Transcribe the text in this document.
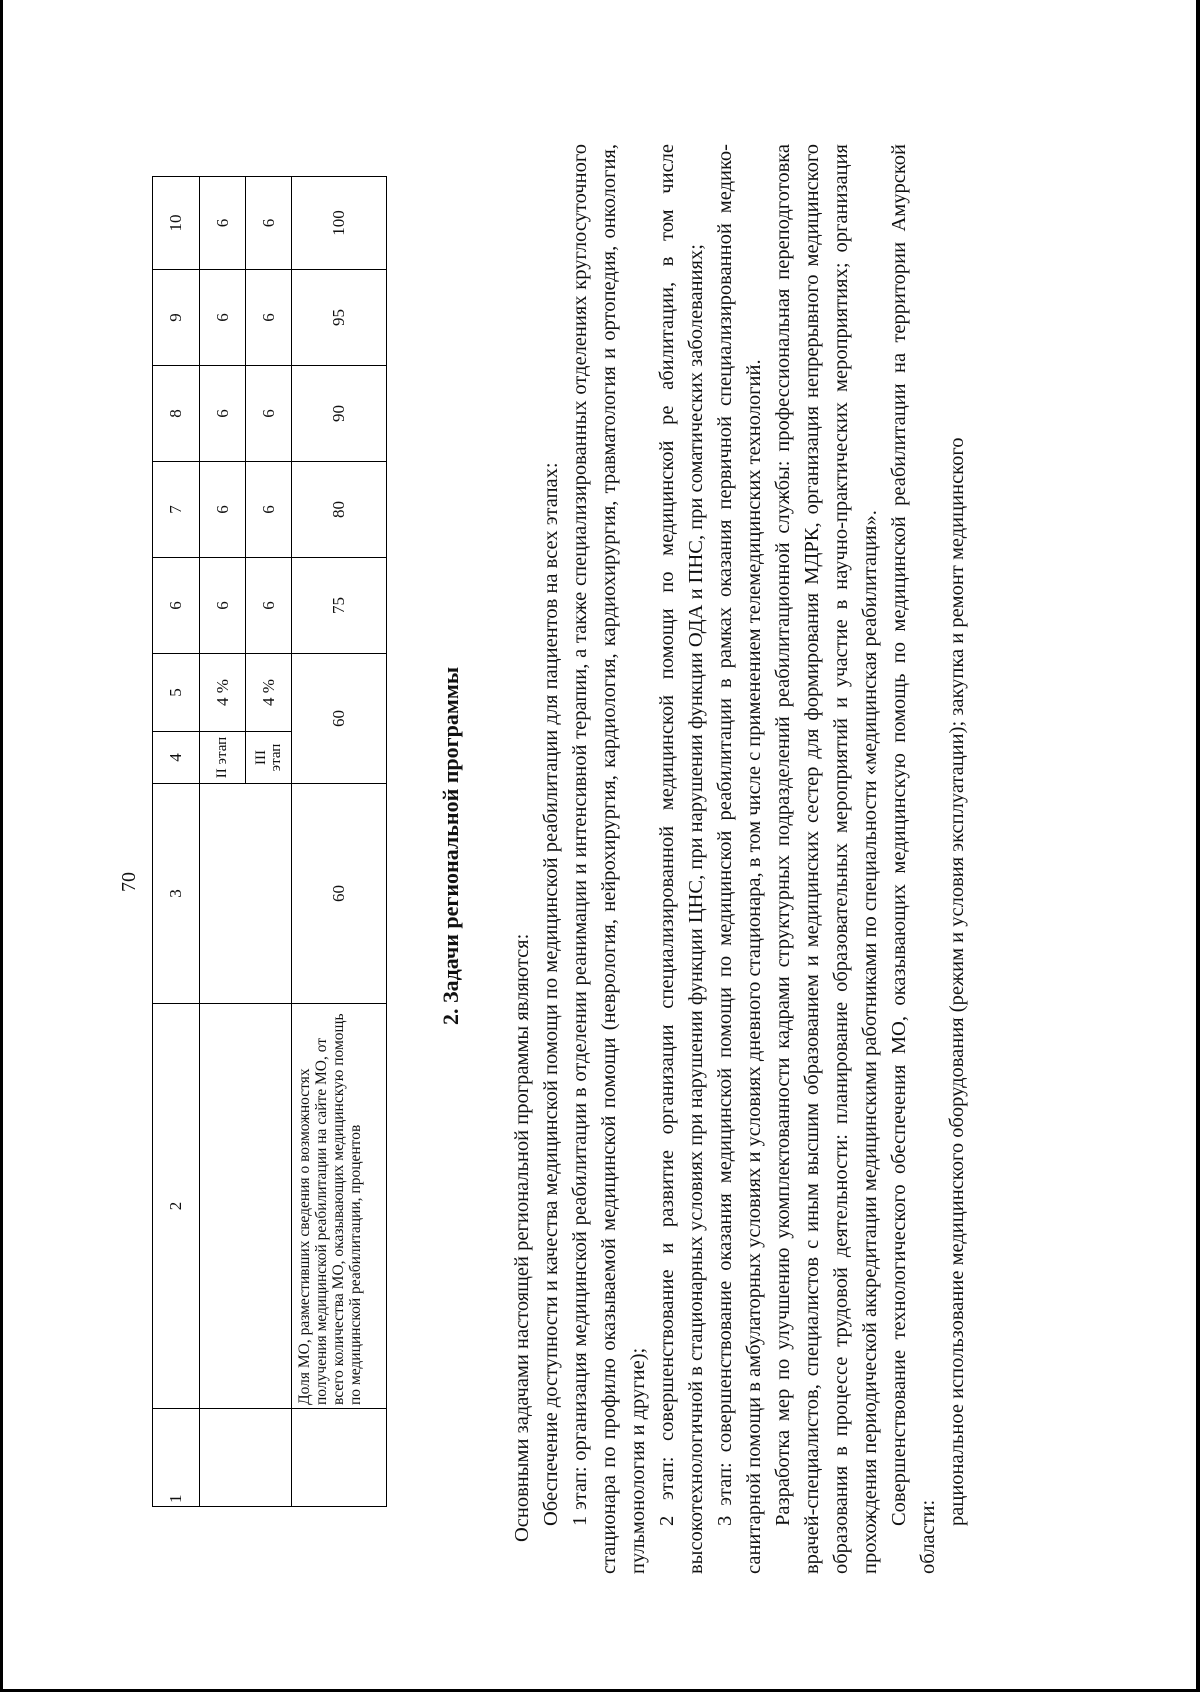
70
1	2	3	4	5	6	7	8	9	10
			II этап	4 %	6	6	6	6	6
			III этап	4 %	6	6	6	6	6
	Доля МО, разместивших сведения о возможностях получения медицинской реабилитации на сайте МО, от всего количества МО, оказывающих медицинскую помощь по медицинской реабилитации, процентов	60	60		75	80	90	95	100
2. Задачи региональной программы

Основными задачами настоящей региональной программы являются: Обеспечение доступности и качества медицинской помощи по медицинской реабилитации для пациентов на всех этапах: 1 этап: организация медицинской реабилитации в отделении реанимации и интенсивной терапии, а также специализированных отделениях круглосуточного стационара по профилю оказываемой медицинской помощи (неврология, нейрохирургия, кардиология, кардиохирургия, травматология и ортопедия, онкология, пульмонология и другие); 2 этап: совершенствование и развитие организации специализированной медицинской помощи по медицинской ре абилитации, в том числе высокотехнологичной в стационарных условиях при нарушении функции ЦНС, при нарушении функции ОДА и ПНС, при соматических заболеваниях; 3 этап: совершенствование оказания медицинской помощи по медицинской реабилитации в рамках оказания первичной специализированной медико-санитарной помощи в амбулаторных условиях и условиях дневного стационара, в том числе с применением телемедицинских технологий. Разработка мер по улучшению укомплектованности кадрами структурных подразделений реабилитационной службы: профессиональная переподготовка врачей-специалистов, специалистов с иным высшим образованием и медицинских сестер для формирования МДРК, организация непрерывного медицинского образования в процессе трудовой деятельности: планирование образовательных мероприятий и участие в научно-практических мероприятиях; организация прохождения периодической аккредитации медицинскими работниками по специальности «медицинская реабилитация». Совершенствование технологического обеспечения МО, оказывающих медицинскую помощь по медицинской реабилитации на территории Амурской области:

рациональное использование медицинского оборудования (режим и условия эксплуатации); закупка и ремонт медицинского
